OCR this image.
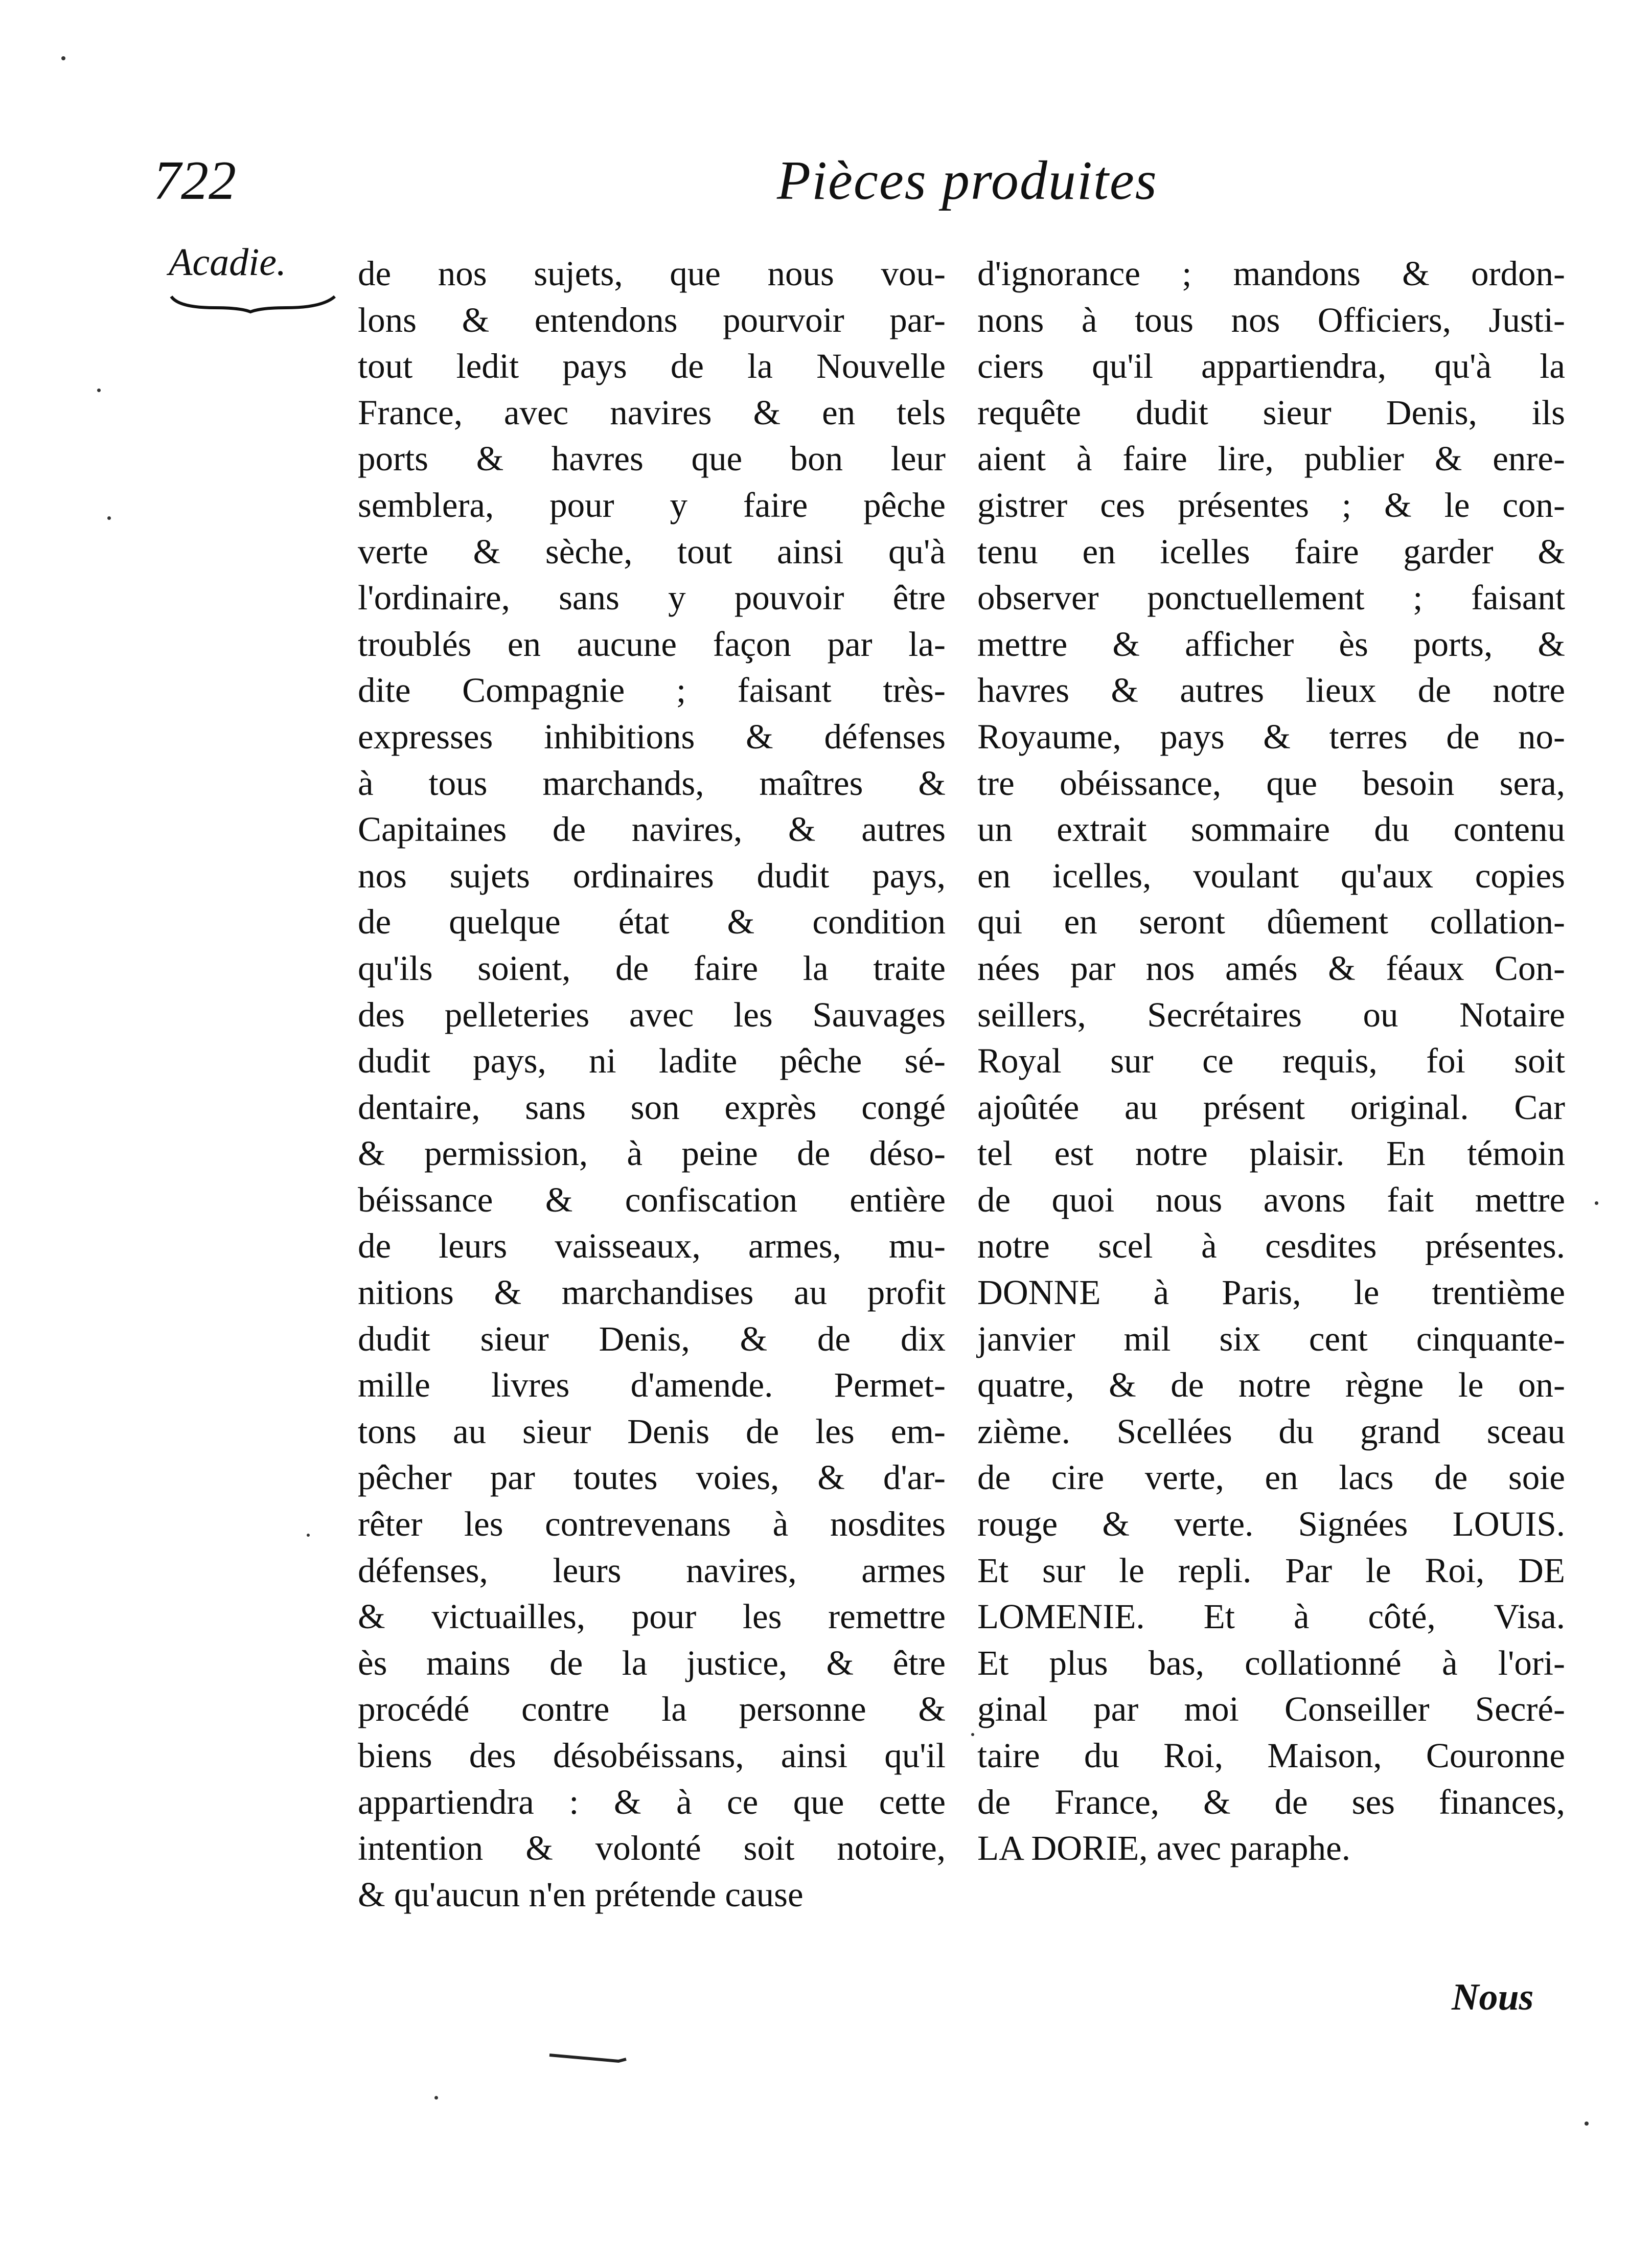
722	Pièces produites
Acadie. de nos sujets, que nous vou-
lons & entendons pourvoir par-
tout ledit pays de la Nouvelle
France, avec navires & en tels
ports & havres que bon leur
semblera, pour y faire pêche
verte & sèche, tout ainsi qu'à
l'ordinaire, sans y pouvoir être
troublés en aucune façon par la-
dite Compagnie ; faisant très-
expresses inhibitions & défenses
à tous marchands, maîtres &
Capitaines de navires, & autres
nos sujets ordinaires dudit pays,
de quelque état & condition
qu'ils soient, de faire la traite
des pelleteries avec les Sauvages
dudit pays, ni ladite pêche sé-
dentaire, sans son exprès congé
& permission, à peine de déso-
béissance & confiscation entière
de leurs vaisseaux, armes, mu-
nitions & marchandises au profit
dudit sieur Denis, & de dix
mille livres d'amende. Permet-
tons au sieur Denis de les em-
pêcher par toutes voies, & d'ar-
rêter les contrevenans à nosdites
défenses, leurs navires, armes
& victuailles, pour les remettre
ès mains de la justice, & être
procédé contre la personne &
biens des désobéissans, ainsi qu'il
appartiendra : & à ce que cette
intention & volonté soit notoire,
& qu'aucun n'en prétende cause
d'ignorance ; mandons & ordon-
nons à tous nos Officiers, Justi-
ciers qu'il appartiendra, qu'à la
requête dudit sieur Denis, ils
aient à faire lire, publier & enre-
gistrer ces présentes ; & le con-
tenu en icelles faire garder &
observer ponctuellement ; faisant
mettre & afficher ès ports, &
havres & autres lieux de notre
Royaume, pays & terres de no-
tre obéissance, que besoin sera,
un extrait sommaire du contenu
en icelles, voulant qu'aux copies
qui en seront dûement collation-
nées par nos amés & féaux Con-
seillers, Secrétaires ou Notaire
Royal sur ce requis, foi soit
ajoûtée au présent original. Car
tel est notre plaisir. En témoin
de quoi nous avons fait mettre
notre scel à cesdites présentes.
DONNE à Paris, le trentième
janvier mil six cent cinquante-
quatre, & de notre règne le on-
zième. Scellées du grand sceau
de cire verte, en lacs de soie
rouge & verte. Signées LOUIS.
Et sur le repli. Par le Roi, DE
LOMENIE. Et à côté, Visa.
Et plus bas, collationné à l'ori-
ginal par moi Conseiller Secré-
taire du Roi, Maison, Couronne
de France, & de ses finances,
LA DORIE, avec paraphe.
Nous
